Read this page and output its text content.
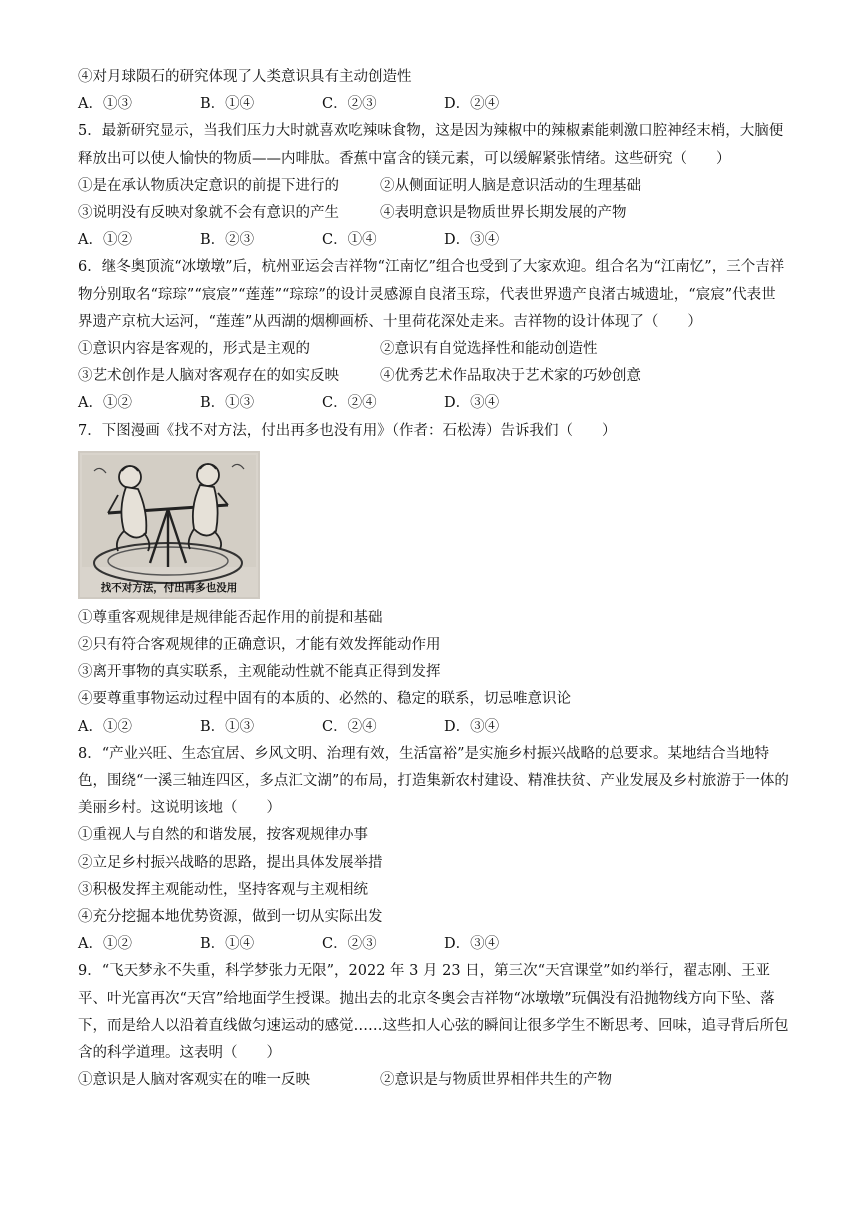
④对月球陨石的研究体现了人类意识具有主动创造性
A．①③	B．①④	C．②③	D．②④
5．最新研究显示，当我们压力大时就喜欢吃辣味食物，这是因为辣椒中的辣椒素能刺激口腔神经末梢，大脑便释放出可以使人愉快的物质——内啡肽。香蕉中富含的镁元素，可以缓解紧张情绪。这些研究（　　）
①是在承认物质决定意识的前提下进行的	②从侧面证明人脑是意识活动的生理基础
③说明没有反映对象就不会有意识的产生	④表明意识是物质世界长期发展的产物
A．①②	B．②③	C．①④	D．③④
6．继冬奥顶流“冰墩墩”后，杭州亚运会吉祥物“江南忆”组合也受到了大家欢迎。组合名为“江南忆”，三个吉祥物分别取名“琮琮”“宸宸”“莲莲”“琮琮”的设计灵感源自良渚玉琮，代表世界遗产良渚古城遗址，“宸宸”代表世界遗产京杭大运河，“莲莲”从西湖的烟柳画桥、十里荷花深处走来。吉祥物的设计体现了（　　）
①意识内容是客观的，形式是主观的	②意识有自觉选择性和能动创造性
③艺术创作是人脑对客观存在的如实反映	④优秀艺术作品取决于艺术家的巧妙创意
A．①②	B．①③	C．②④	D．③④
7．下图漫画《找不对方法，付出再多也没有用》（作者：石松涛）告诉我们（　　）
找不对方法，付出再多也没用
①尊重客观规律是规律能否起作用的前提和基础
②只有符合客观规律的正确意识，才能有效发挥能动作用
③离开事物的真实联系，主观能动性就不能真正得到发挥
④要尊重事物运动过程中固有的本质的、必然的、稳定的联系，切忌唯意识论
A．①②	B．①③	C．②④	D．③④
8．“产业兴旺、生态宜居、乡风文明、治理有效，生活富裕”是实施乡村振兴战略的总要求。某地结合当地特色，围绕“一溪三轴连四区，多点汇文湖”的布局，打造集新农村建设、精准扶贫、产业发展及乡村旅游于一体的美丽乡村。这说明该地（　　）
①重视人与自然的和谐发展，按客观规律办事
②立足乡村振兴战略的思路，提出具体发展举措
③积极发挥主观能动性，坚持客观与主观相统
④充分挖掘本地优势资源，做到一切从实际出发
A．①②	B．①④	C．②③	D．③④
9．“飞天梦永不失重，科学梦张力无限”，2022 年 3 月 23 日，第三次“天宫课堂”如约举行，翟志刚、王亚平、叶光富再次“天宫”给地面学生授课。抛出去的北京冬奥会吉祥物“冰墩墩”玩偶没有沿抛物线方向下坠、落下，而是给人以沿着直线做匀速运动的感觉……这些扣人心弦的瞬间让很多学生不断思考、回味，追寻背后所包含的科学道理。这表明（　　）
①意识是人脑对客观实在的唯一反映	②意识是与物质世界相伴共生的产物
